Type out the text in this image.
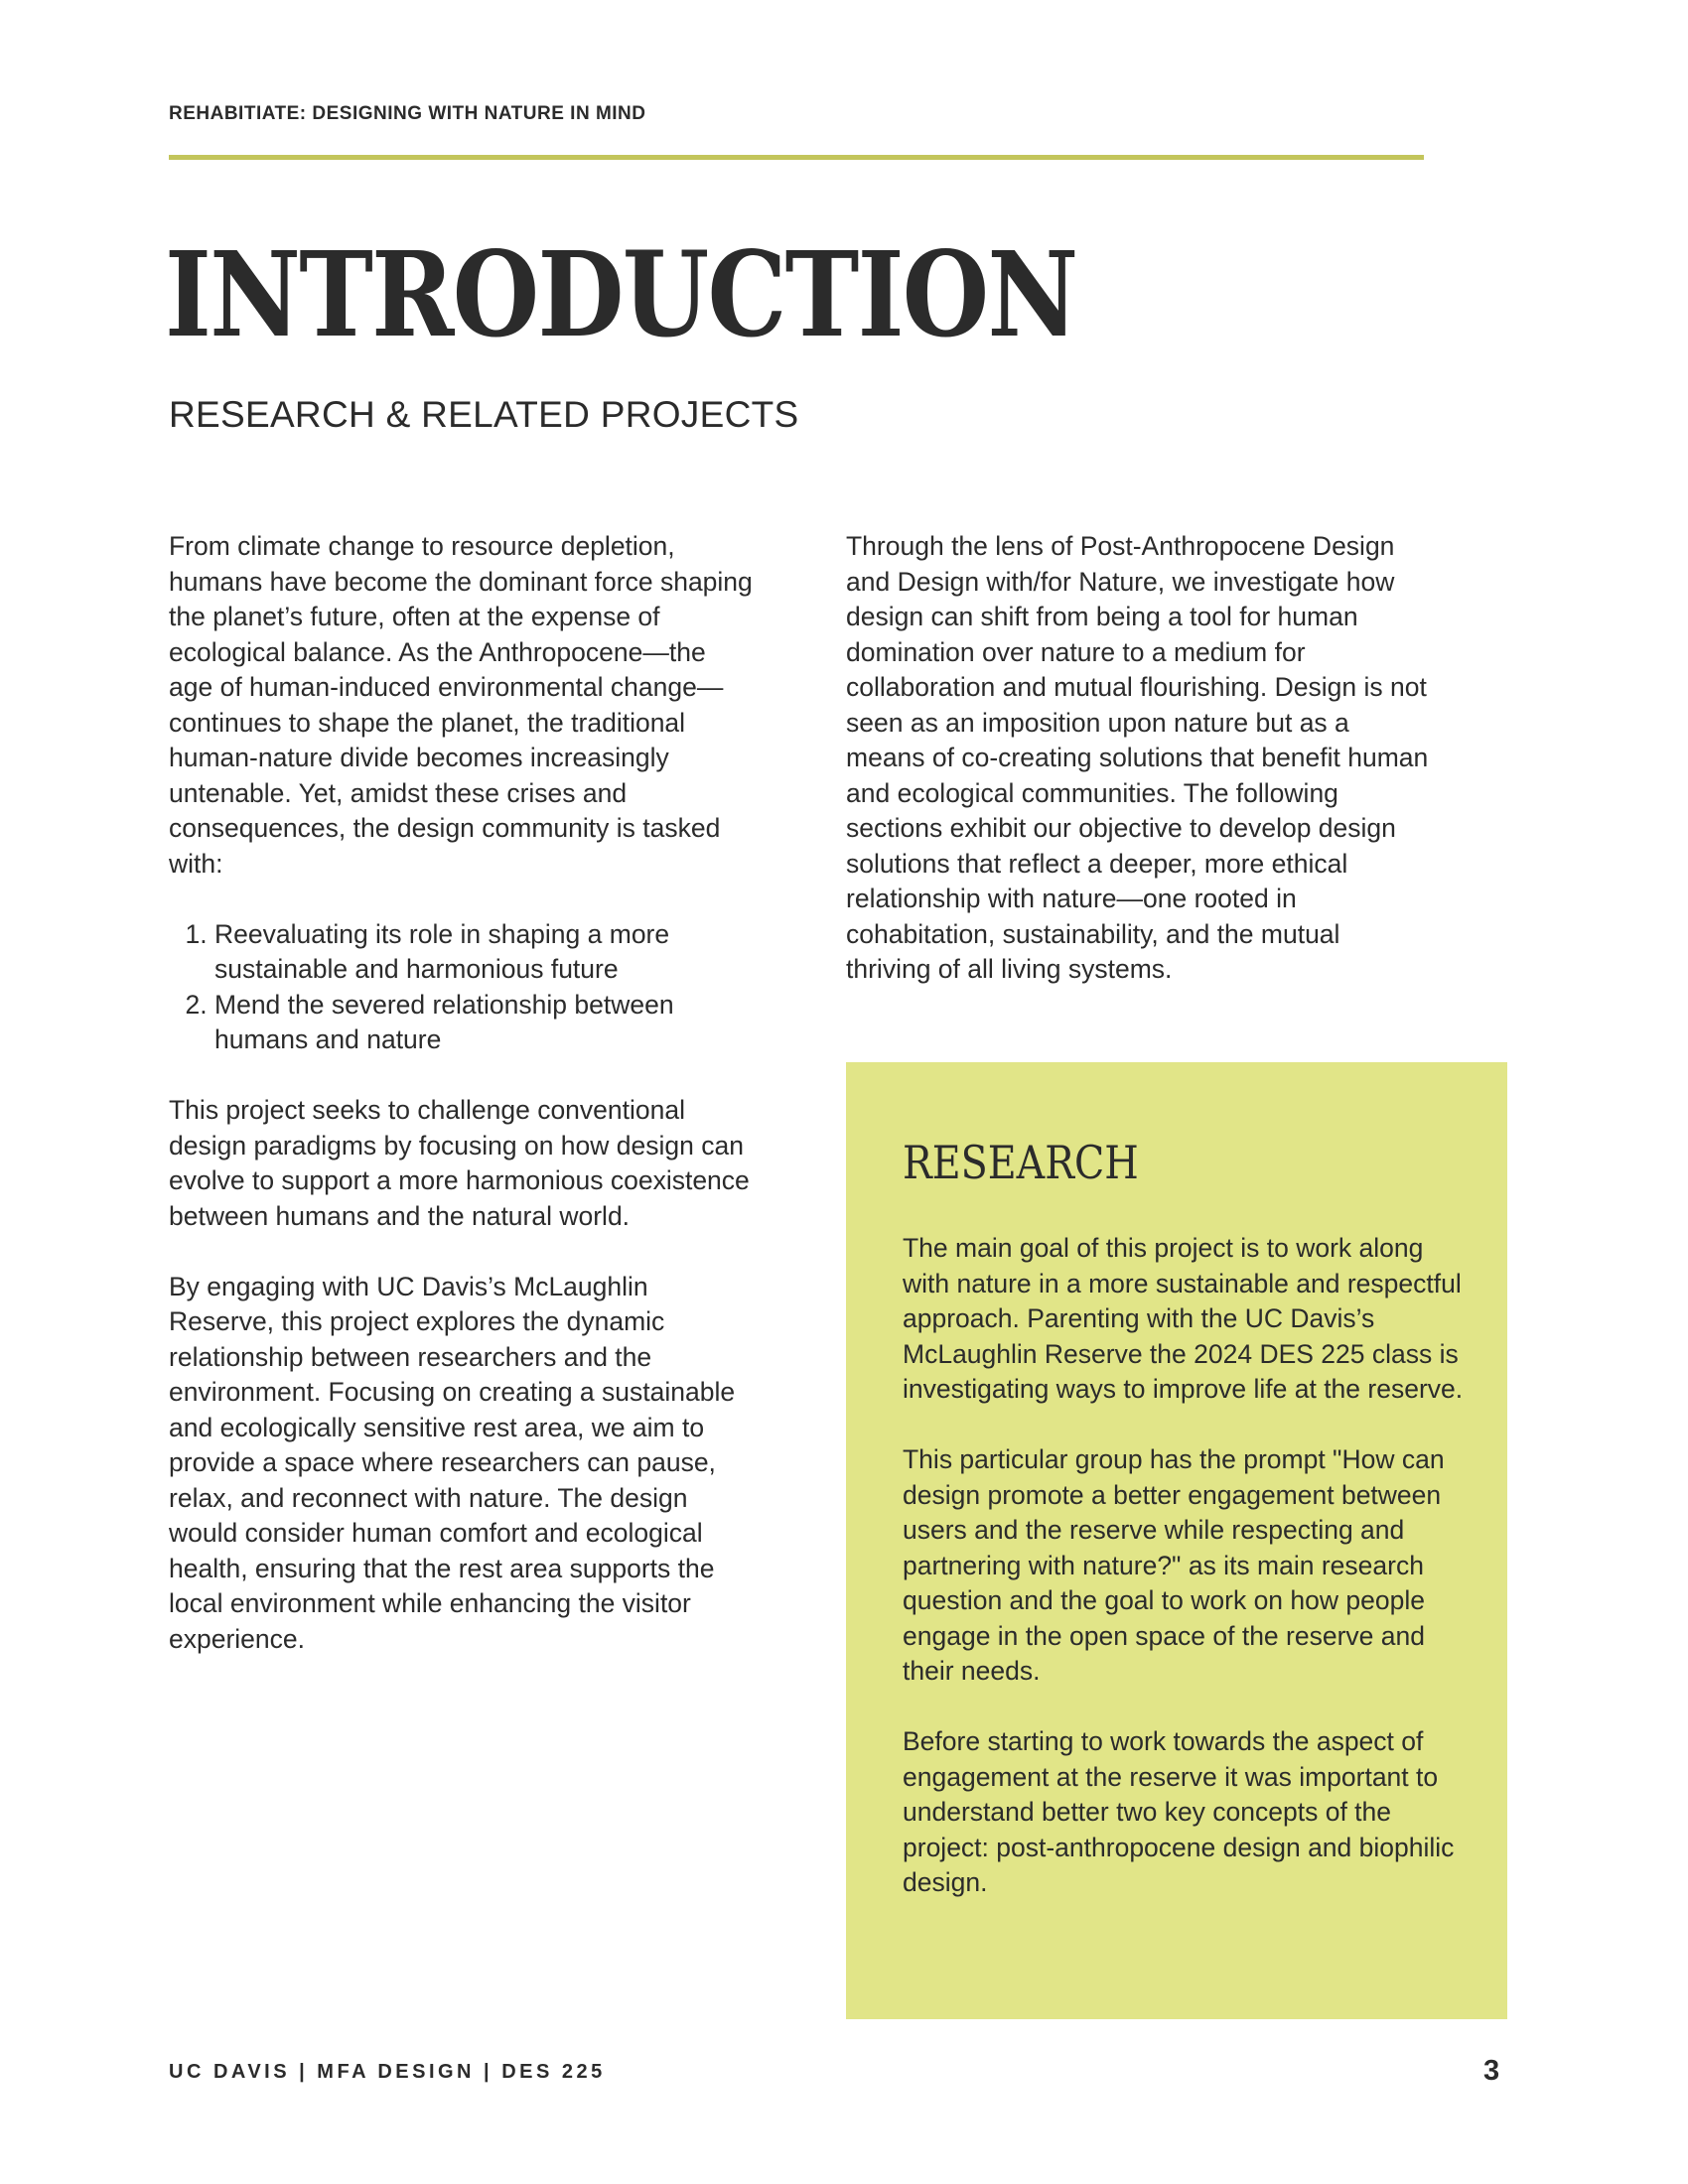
REHABITIATE: DESIGNING WITH NATURE IN MIND
INTRODUCTION
RESEARCH & RELATED PROJECTS

From climate change to resource depletion, humans have become the dominant force shaping the planet’s future, often at the expense of ecological balance. As the Anthropocene—the age of human-induced environmental change—continues to shape the planet, the traditional human-nature divide becomes increasingly untenable. Yet, amidst these crises and consequences, the design community is tasked with:

1. Reevaluating its role in shaping a more sustainable and harmonious future
2. Mend the severed relationship between humans and nature

This project seeks to challenge conventional design paradigms by focusing on how design can evolve to support a more harmonious coexistence between humans and the natural world.

By engaging with UC Davis’s McLaughlin Reserve, this project explores the dynamic relationship between researchers and the environment. Focusing on creating a sustainable and ecologically sensitive rest area, we aim to provide a space where researchers can pause, relax, and reconnect with nature. The design would consider human comfort and ecological health, ensuring that the rest area supports the local environment while enhancing the visitor experience.

Through the lens of Post-Anthropocene Design and Design with/for Nature, we investigate how design can shift from being a tool for human domination over nature to a medium for collaboration and mutual flourishing. Design is not seen as an imposition upon nature but as a means of co-creating solutions that benefit human and ecological communities. The following sections exhibit our objective to develop design solutions that reflect a deeper, more ethical relationship with nature—one rooted in cohabitation, sustainability, and the mutual thriving of all living systems.

RESEARCH

The main goal of this project is to work along with nature in a more sustainable and respectful approach. Parenting with the UC Davis’s McLaughlin Reserve the 2024 DES 225 class is investigating ways to improve life at the reserve.

This particular group has the prompt "How can design promote a better engagement between users and the reserve while respecting and partnering with nature?" as its main research question and the goal to work on how people engage in the open space of the reserve and their needs.

Before starting to work towards the aspect of engagement at the reserve it was important to understand better two key concepts of the project: post-anthropocene design and biophilic design.

UC DAVIS | MFA DESIGN | DES 225	3
